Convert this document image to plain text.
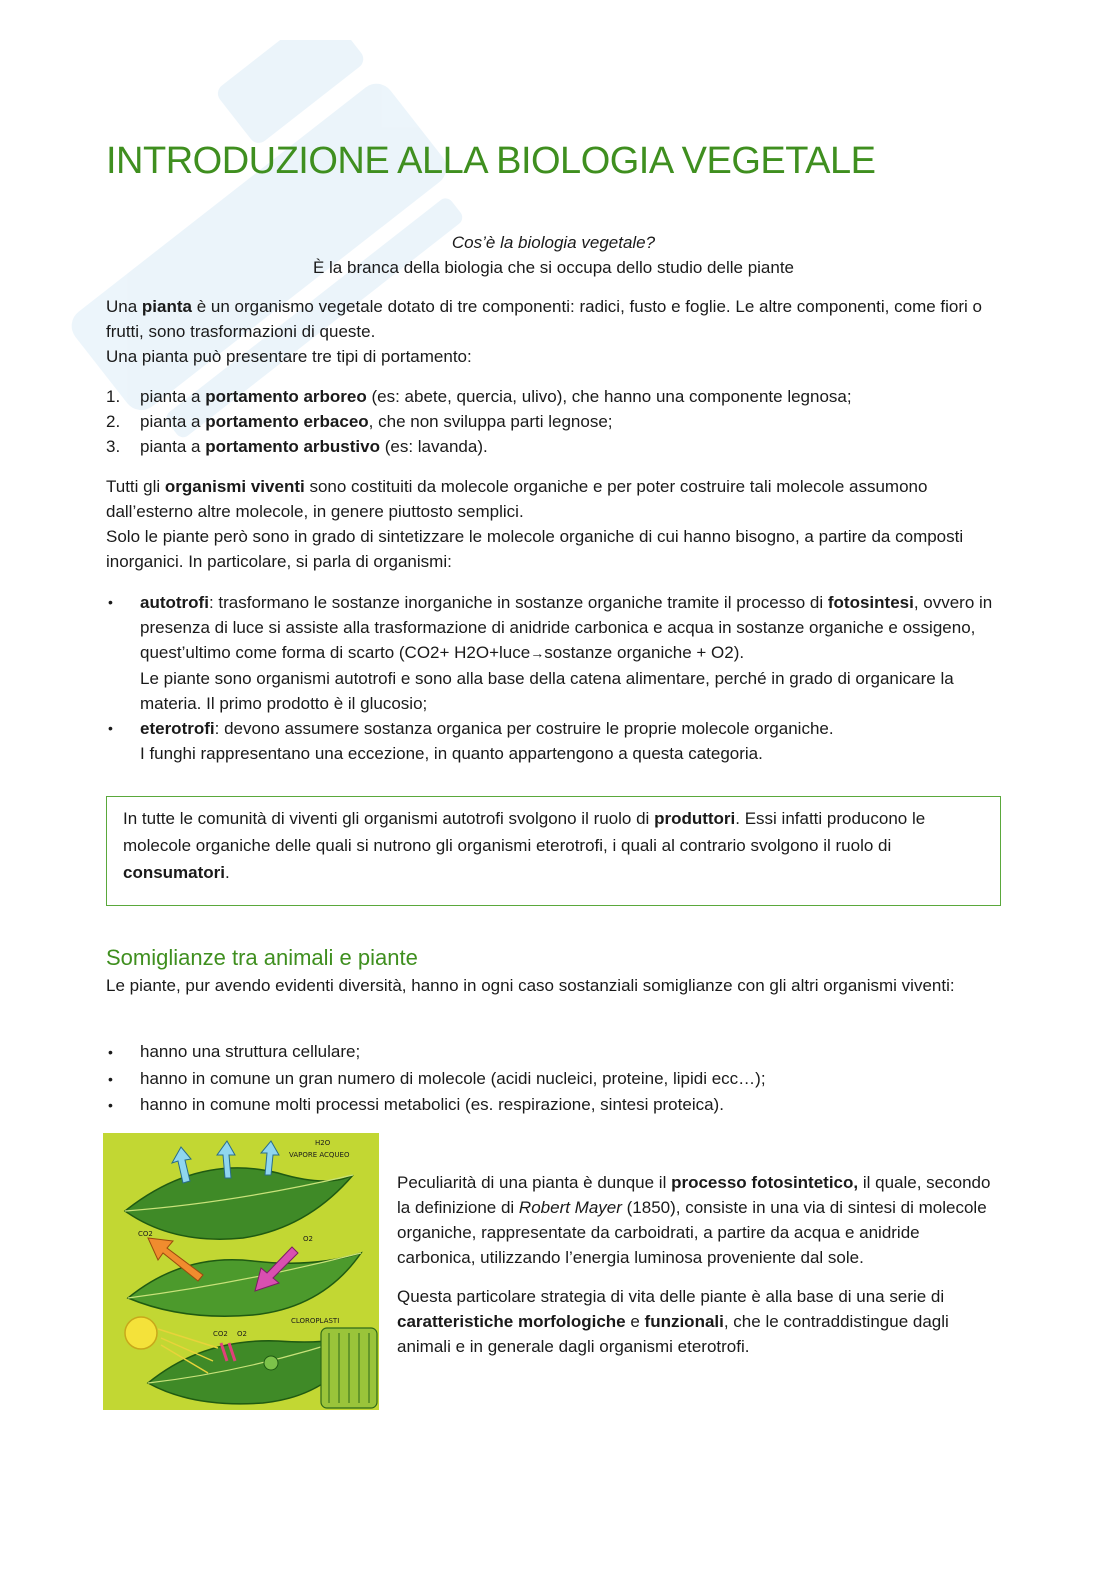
INTRODUZIONE ALLA BIOLOGIA VEGETALE

Cos’è la biologia vegetale?

È la branca della biologia che si occupa dello studio delle piante

Una pianta è un organismo vegetale dotato di tre componenti: radici, fusto e foglie. Le altre componenti, come fiori o frutti, sono trasformazioni di queste.

Una pianta può presentare tre tipi di portamento:

1. pianta a portamento arboreo (es: abete, quercia, ulivo), che hanno una componente legnosa;
2. pianta a portamento erbaceo, che non sviluppa parti legnose;
3. pianta a portamento arbustivo (es: lavanda).

Tutti gli organismi viventi sono costituiti da molecole organiche e per poter costruire tali molecole assumono dall’esterno altre molecole, in genere piuttosto semplici.

Solo le piante però sono in grado di sintetizzare le molecole organiche di cui hanno bisogno, a partire da composti inorganici. In particolare, si parla di organismi:

• autotrofi: trasformano le sostanze inorganiche in sostanze organiche tramite il processo di fotosintesi, ovvero in presenza di luce si assiste alla trasformazione di anidride carbonica e acqua in sostanze organiche e ossigeno, quest’ultimo come forma di scarto (CO2+ H2O+luce→sostanze organiche + O2).
Le piante sono organismi autotrofi e sono alla base della catena alimentare, perché in grado di organicare la materia. Il primo prodotto è il glucosio;
• eterotrofi: devono assumere sostanza organica per costruire le proprie molecole organiche.
I funghi rappresentano una eccezione, in quanto appartengono a questa categoria.

In tutte le comunità di viventi gli organismi autotrofi svolgono il ruolo di produttori. Essi infatti producono le molecole organiche delle quali si nutrono gli organismi eterotrofi, i quali al contrario svolgono il ruolo di consumatori.

Somiglianze tra animali e piante

Le piante, pur avendo evidenti diversità, hanno in ogni caso sostanziali somiglianze con gli altri organismi viventi:

• hanno una struttura cellulare;
• hanno in comune un gran numero di molecole (acidi nucleici, proteine, lipidi ecc…);
• hanno in comune molti processi metabolici (es. respirazione, sintesi proteica).
H2O
VAPORE ACQUEO
CO2
O2
CLOROPLASTI
CO2 O2

Peculiarità di una pianta è dunque il processo fotosintetico, il quale, secondo la definizione di Robert Mayer (1850), consiste in una via di sintesi di molecole organiche, rappresentate da carboidrati, a partire da acqua e anidride carbonica, utilizzando l’energia luminosa proveniente dal sole.

Questa particolare strategia di vita delle piante è alla base di una serie di caratteristiche morfologiche e funzionali, che le contraddistingue dagli animali e in generale dagli organismi eterotrofi.
